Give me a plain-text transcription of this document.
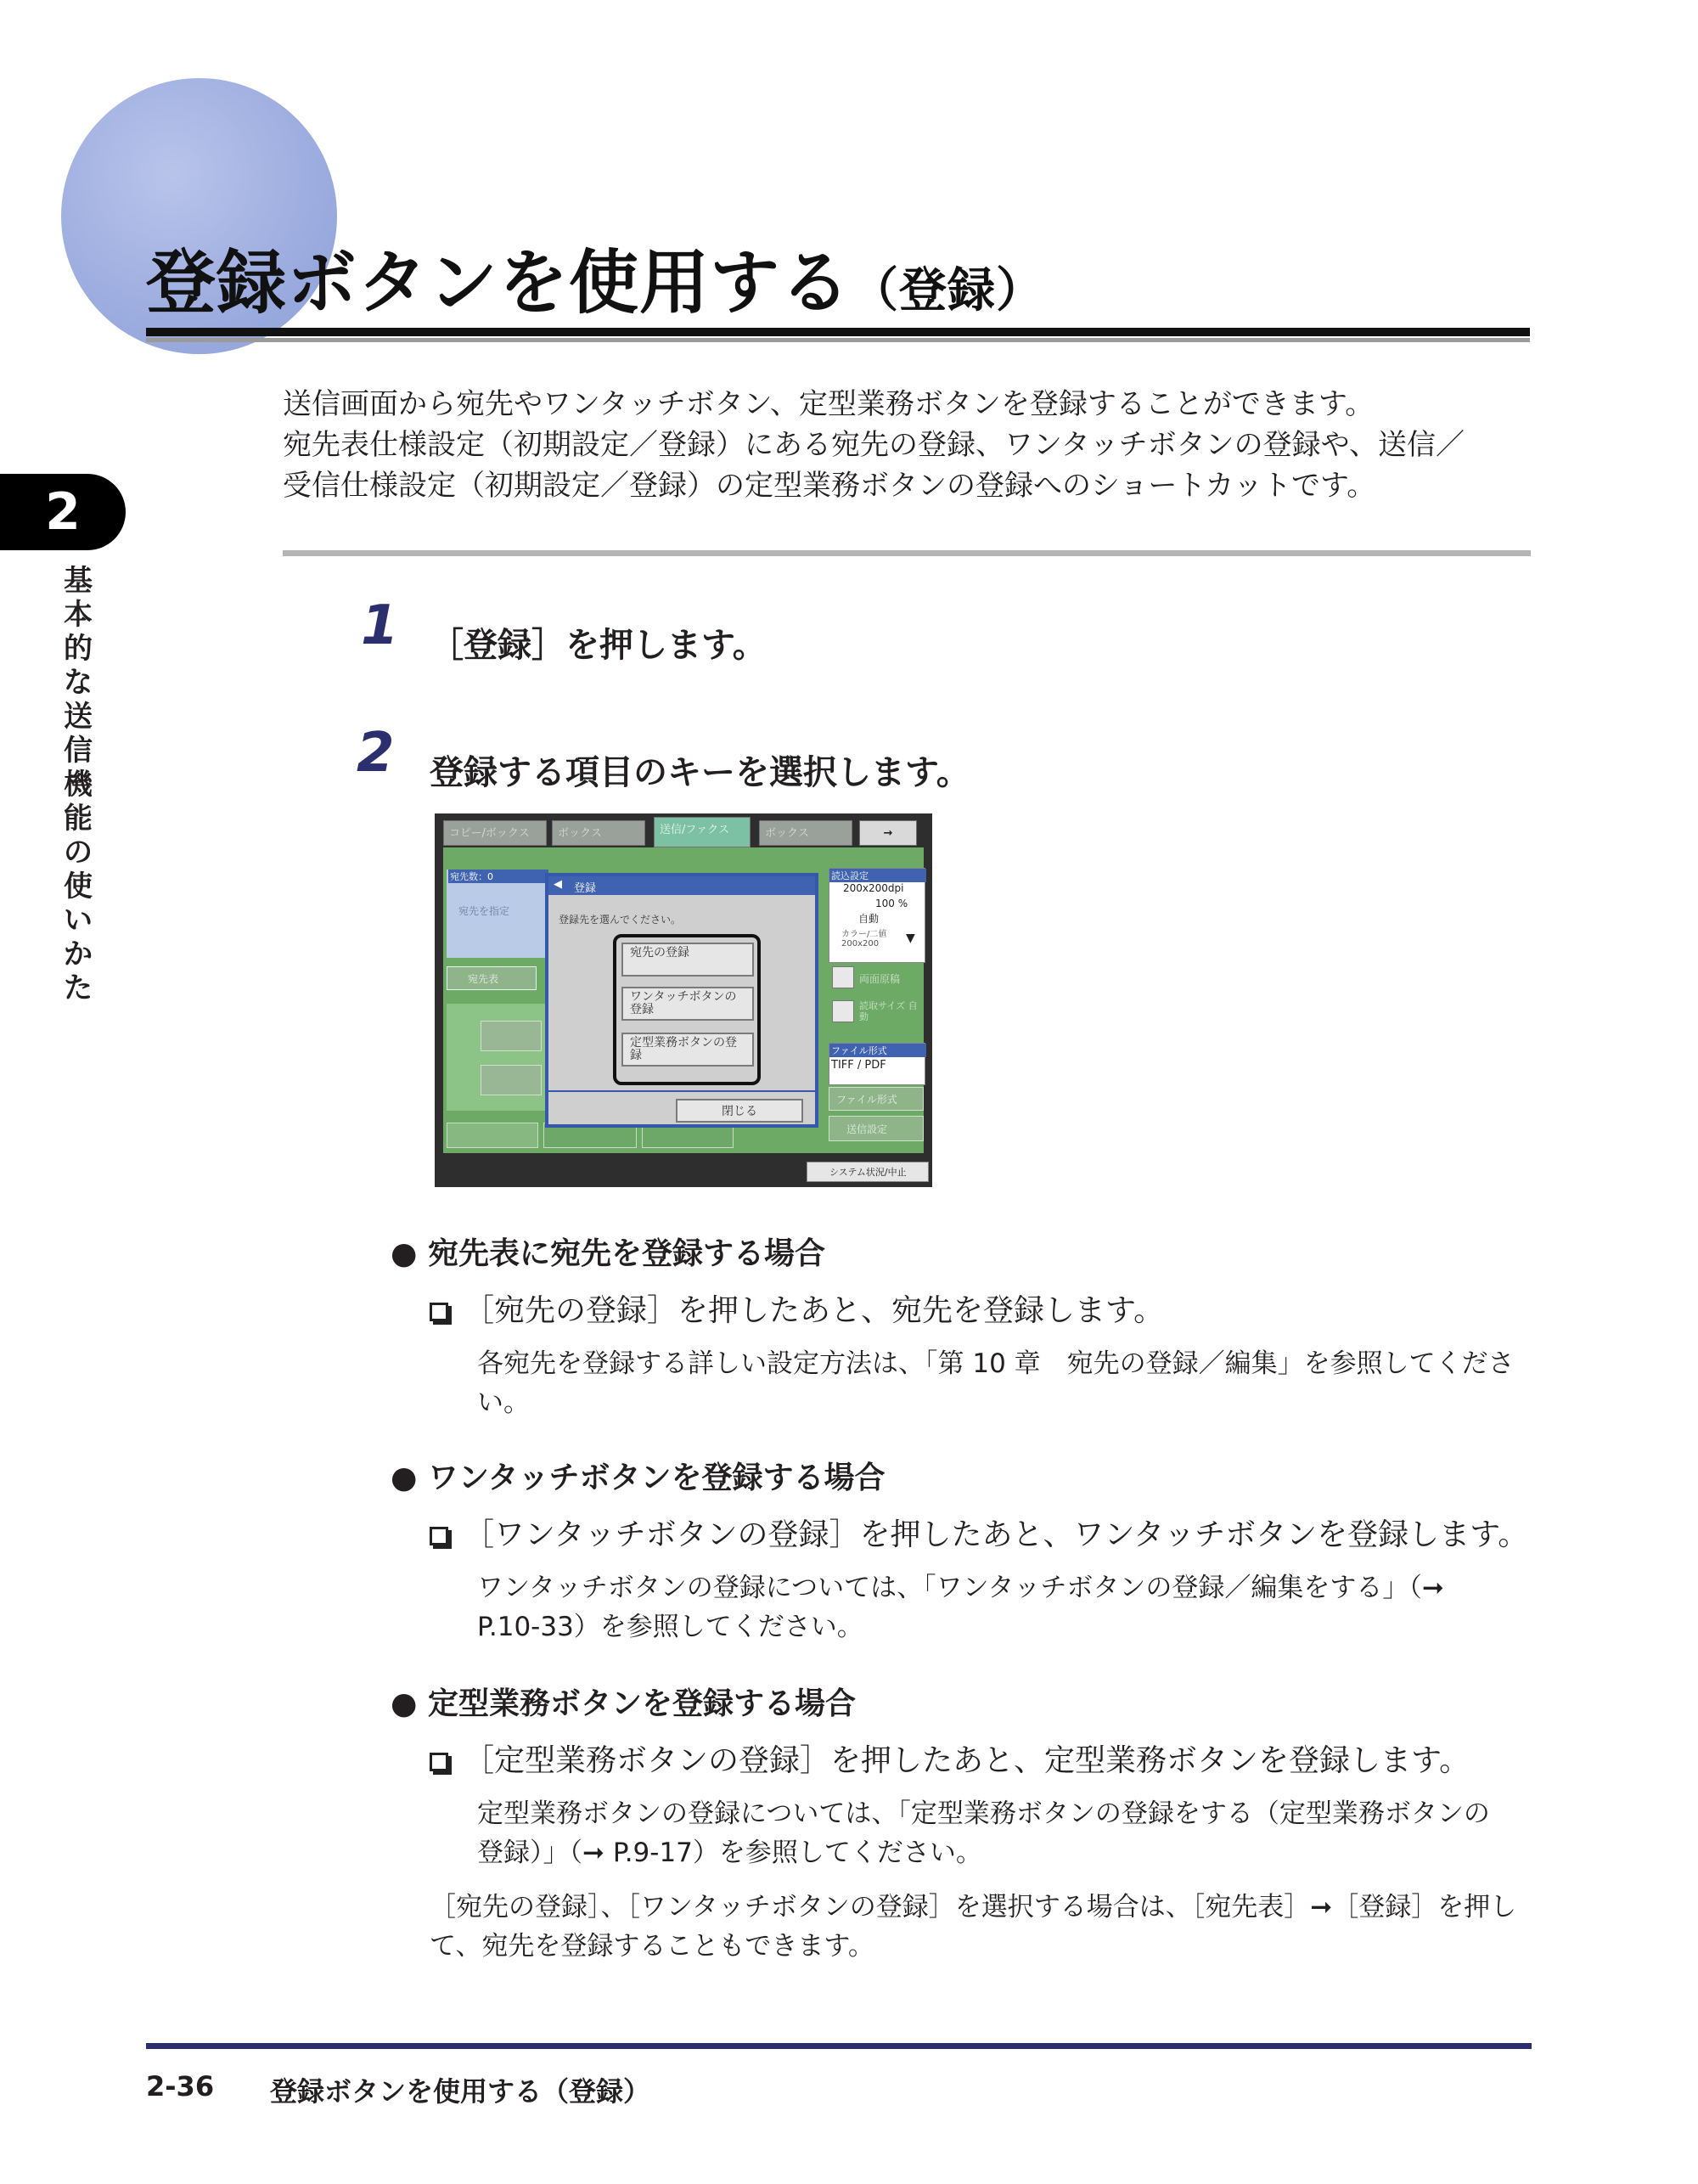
登録ボタンを使用する（登録）
2
基本的な送信機能の使いかた
送信画面から宛先やワンタッチボタン、定型業務ボタンを登録することができます。
宛先表仕様設定（初期設定／登録）にある宛先の登録、ワンタッチボタンの登録や、送信／
受信仕様設定（初期設定／登録）の定型業務ボタンの登録へのショートカットです。
1 ［登録］を押します。
2 登録する項目のキーを選択します。
コピー/ボックス	ボックス	送信/ファクス	ボックス	→
宛先数：0
宛先を指定
宛先表
読込設定
200x200dpi
100 %
自動
カラー/二値 200x200	▼
両面原稿
読取サイズ 自動
ファイル形式
TIFF / PDF
ファイル形式
送信設定
システム状況/中止
◀ 登録
登録先を選んでください。
宛先の登録
ワンタッチボタンの登録
定型業務ボタンの登録
閉じる
● 宛先表に宛先を登録する場合
［宛先の登録］を押したあと、宛先を登録します。
各宛先を登録する詳しい設定方法は、「第 10 章　宛先の登録／編集」を参照してくださ
い。
● ワンタッチボタンを登録する場合
［ワンタッチボタンの登録］を押したあと、ワンタッチボタンを登録します。
ワンタッチボタンの登録については、「ワンタッチボタンの登録／編集をする」（➞
P.10-33）を参照してください。
● 定型業務ボタンを登録する場合
［定型業務ボタンの登録］を押したあと、定型業務ボタンを登録します。
定型業務ボタンの登録については、「定型業務ボタンの登録をする（定型業務ボタンの
登録）」（➞ P.9-17）を参照してください。
［宛先の登録］、［ワンタッチボタンの登録］を選択する場合は、［宛先表］➞［登録］を押し
て、宛先を登録することもできます。
2-36 登録ボタンを使用する（登録）
